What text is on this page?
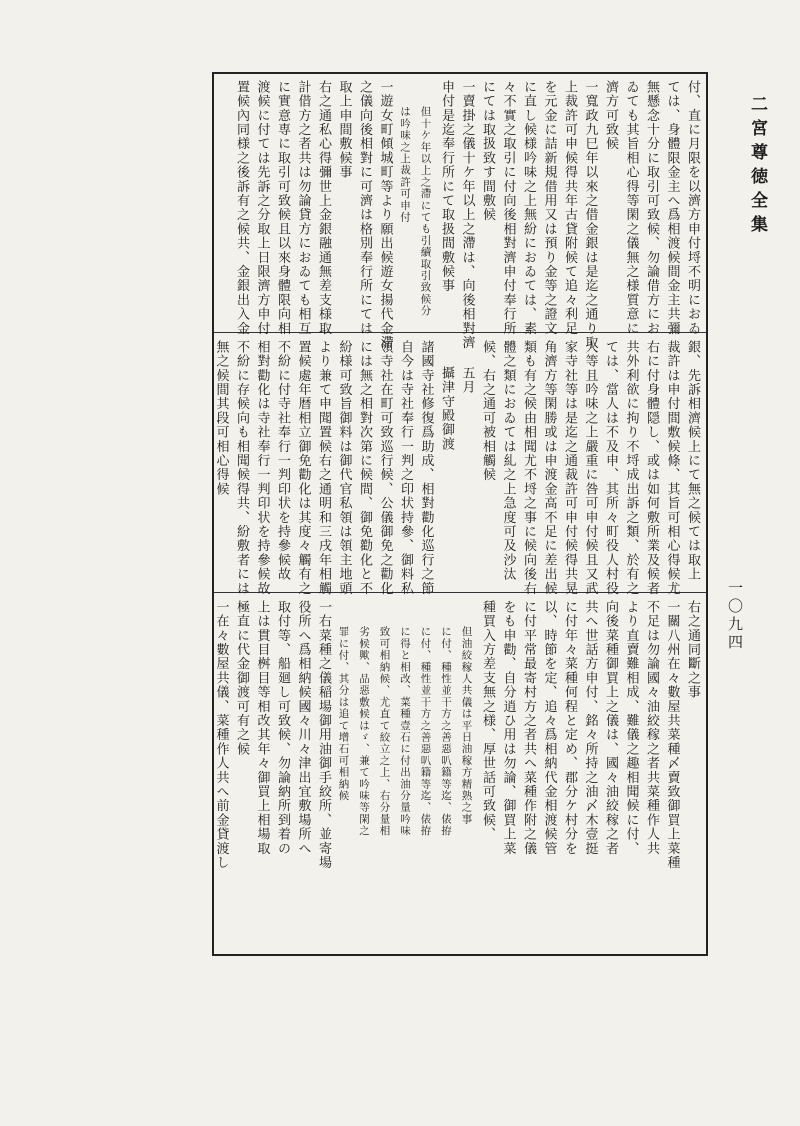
二宮尊徳全集
一〇九四
付、直に月限を以濟方申付埒不明におゐ
ては、身體限金主へ爲相渡候間金主共彌
無懸念十分に取引可致候、勿論借方にお
ゐても其旨相心得等閑之儀無之様質意に
濟方可致候
一寬政九巳年以來之借金銀は是迄之通り取
上裁許可申候得共年古貸附候て追々利足
を元金に詰新規借用又は預り金等之證文
に直し候様吟味之上無紛におゐては、素
々不實之取引に付向後相對濟申付奉行所
にては取扱致す間敷候
一賣掛之儀十ケ年以上之滯は、向後相對濟
申付是迄奉行所にて取扱間敷候事
但十ケ年以上之滯にても引續取引致候分
は吟味之上裁許可申付
一遊女町傾城町等より願出候遊女揚代金滯
之儀向後相對に可濟は格別奉行所にては
取上申間敷候事
右之通私心得彌世上金銀融通無差支様取
計借方之者共は勿論貸方におゐても相互
に實意専に取引可致候且以來身體限向相
渡候に付ては先訴之分取上日限濟方申付
置候內同様之後訴有之候共、金銀出入金
銀、先訴相濟候上にて無之候ては取上
裁許は申付間敷候條、其旨可相心得候尤
右に付身體隠し、或は如何敷所業及候者
共外利欲に拘り不埒成出訴之類、於有之
ては、當人は不及申、其所々町役人村役
人等且吟味之上嚴重に咎可申付候且又武
家寺社等は是迄之通裁許可申付候得共晃
角濟方等閑勝或は申渡金高不足に差出候
類も有之候由相聞尤不埒之事に候向後右
體之類におゐては糺之上急度可及沙汰
候、右之通可被相觸候
五月
攝津守殿御渡
諸國寺社修復爲助成、相對勸化巡行之節
自今は寺社奉行一判之印状持參、御料私
領寺社在町可致巡行候、公儀御免之勸化
には無之相對次第に候間、御免勸化と不
紛様可致旨御料は御代官私領は領主地頭
より兼て申聞置候右之通明和三戌年相觸
置候處年暦相立御免勸化は其度々觸有之
不紛に付寺社奉行一判印状を持參候故
相對勸化は寺社奉行一判印状を持參候故
不紛に存候向も相聞候得共、紛敷者には
無之候間其段可相心得候
右之通同斷之事
一關八州在々數屋共菜種〆賣致御買上菜種
不足は勿論國々油絞稼之者共菜種作人共
より直賣難相成、難儀之趣相聞候に付、
向後菜種御買上之儀は、國々油絞稼之者
共へ世話方申付、銘々所持之油〆木壹挺
に付年々菜種何程と定め、郡分ケ村分を
以、時節を定、追々爲相納代金相渡候管
に付平常最寄村方之者共へ菜種作附之儀
をも申勸、自分逍ひ用は勿論、御買上菜
種買入方差支無之様、厚世話可致候、
但油絞稼人共儀は平日油稼方精熟之事
に付、種性並干方之善惡叭籍等迄、俵拵
に付、種性並干方之善惡叭籍等迄、俵拵
に得と相改、菜種壹石に付出油分量吟味
致可相納候、尤直て絞立之上、右分量相
劣候歟、品惡敷候はゞ、兼て吟味等閑之
罪に付、其分は追て增石可相納候
一右菜種之儀稲場御用油御手絞所、並寄場
役所へ爲相納候國々川々津出宜敷場所へ
取付等、船廻し可致候、勿論納所到着の
上は貫目桝目等相改其年々御買上相場取
極直に代金御渡可有之候
一在々數屋共儀、菜種作人共へ前金貸渡し
